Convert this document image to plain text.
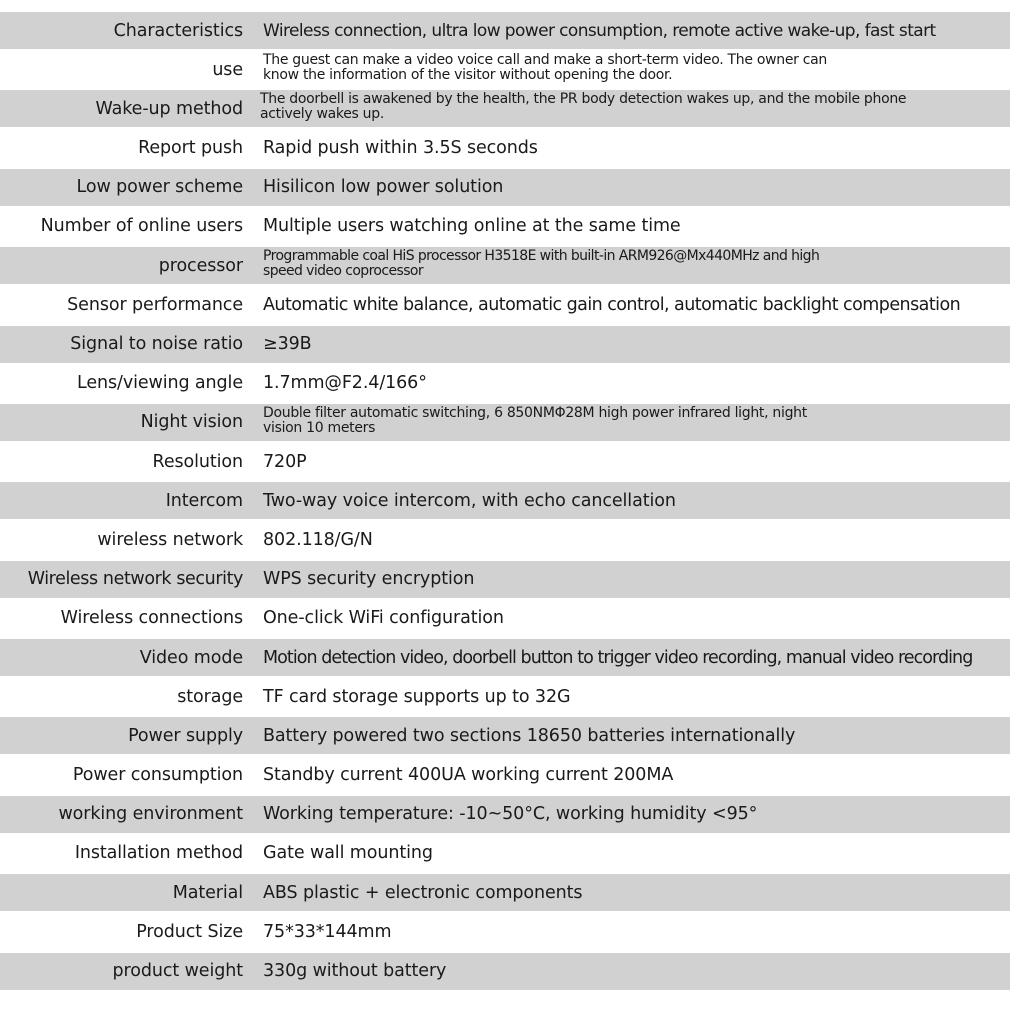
Characteristics Wireless connection, ultra low power consumption, remote active wake-up, fast start
use The guest can make a video voice call and make a short-term video. The owner can know the information of the visitor without opening the door.
Wake-up method The doorbell is awakened by the health, the PR body detection wakes up, and the mobile phone actively wakes up.
Report push Rapid push within 3.5S seconds
Low power scheme Hisilicon low power solution
Number of online users Multiple users watching online at the same time
processor Programmable coal HiS processor H3518E with built-in ARM926@Mx440MHz and high speed video coprocessor
Sensor performance Automatic white balance, automatic gain control, automatic backlight compensation
Signal to noise ratio ≥39B
Lens/viewing angle 1.7mm@F2.4/166°
Night vision Double filter automatic switching, 6 850NMΦ28M high power infrared light, night vision 10 meters
Resolution 720P
Intercom Two-way voice intercom, with echo cancellation
wireless network 802.118/G/N
Wireless network security WPS security encryption
Wireless connections One-click WiFi configuration
Video mode Motion detection video, doorbell button to trigger video recording, manual video recording
storage TF card storage supports up to 32G
Power supply Battery powered two sections 18650 batteries internationally
Power consumption Standby current 400UA working current 200MA
working environment Working temperature: -10~50°C, working humidity <95°
Installation method Gate wall mounting
Material ABS plastic + electronic components
Product Size 75*33*144mm
product weight 330g without battery
